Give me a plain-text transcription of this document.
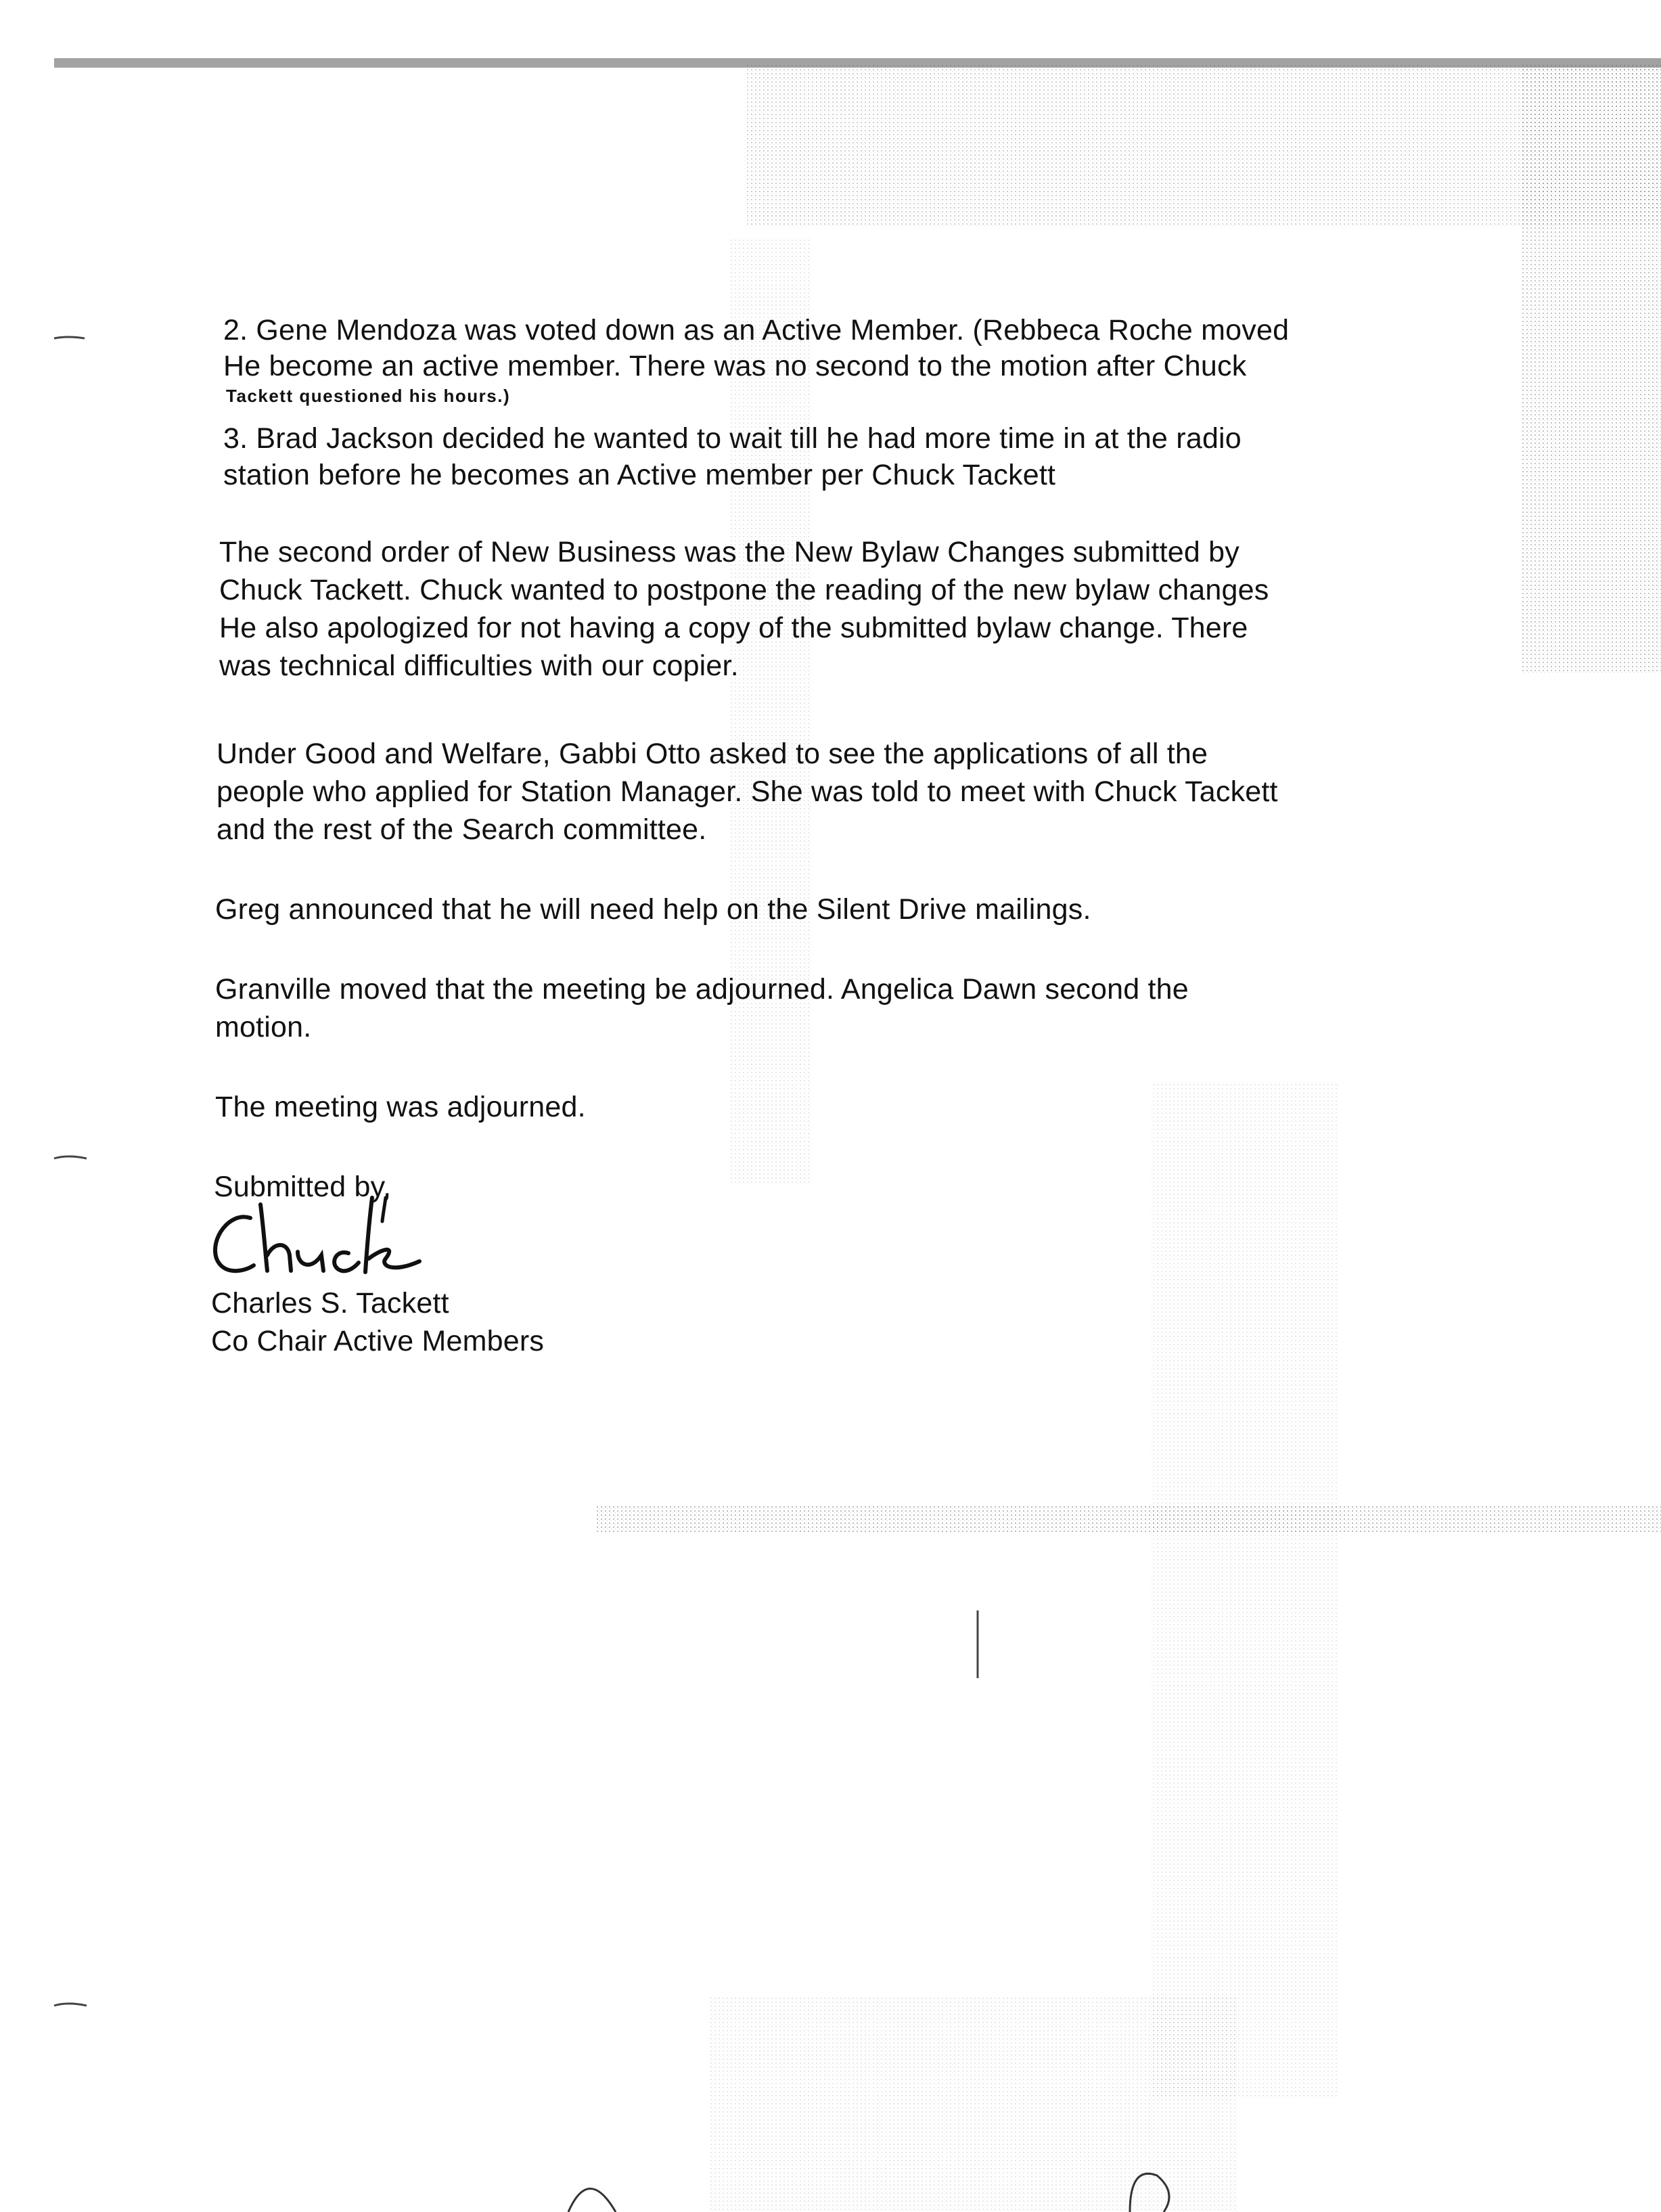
2. Gene Mendoza was voted down as an Active Member. (Rebbeca Roche moved
He become an active member. There was no second to the motion after Chuck
Tackett questioned his hours.)
3. Brad Jackson decided he wanted to wait till he had more time in at the radio
station before he becomes an Active member per Chuck Tackett
The second order of New Business was the New Bylaw Changes submitted by
Chuck Tackett. Chuck wanted to postpone the reading of the new bylaw changes
He also apologized for not having a copy of the submitted bylaw change. There
was technical difficulties with our copier.
Under Good and Welfare, Gabbi Otto asked to see the applications of all the
people who applied for Station Manager. She was told to meet with Chuck Tackett
and the rest of the Search committee.
Greg announced that he will need help on the Silent Drive mailings.
Granville moved that the meeting be adjourned. Angelica Dawn second the
motion.
The meeting was adjourned.
Submitted by,
Charles S. Tackett
Co Chair Active Members
